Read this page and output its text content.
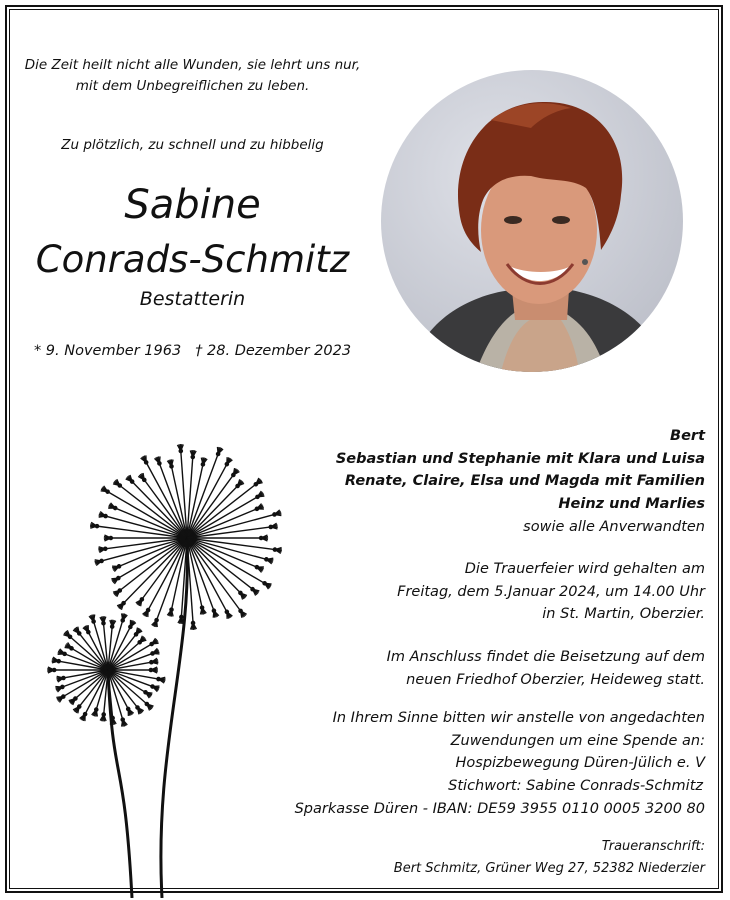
Die Zeit heilt nicht alle Wunden, sie lehrt uns nur,
mit dem Unbegreiflichen zu leben.
Zu plötzlich, zu schnell und zu hibbelig
Sabine
Conrads-Schmitz
Bestatterin
* 9. November 1963 † 28. Dezember 2023
Bert
Sebastian und Stephanie mit Klara und Luisa
Renate, Claire, Elsa und Magda mit Familien
Heinz und Marlies
sowie alle Anverwandten
Die Trauerfeier wird gehalten am
Freitag, dem 5.Januar 2024, um 14.00 Uhr
in St. Martin, Oberzier.
Im Anschluss findet die Beisetzung auf dem
neuen Friedhof Oberzier, Heideweg statt.
In Ihrem Sinne bitten wir anstelle von angedachten
Zuwendungen um eine Spende an:
Hospizbewegung Düren-Jülich e. V
Stichwort: Sabine Conrads-Schmitz
Sparkasse Düren - IBAN: DE59 3955 0110 0005 3200 80
Traueranschrift:
Bert Schmitz, Grüner Weg 27, 52382 Niederzier
